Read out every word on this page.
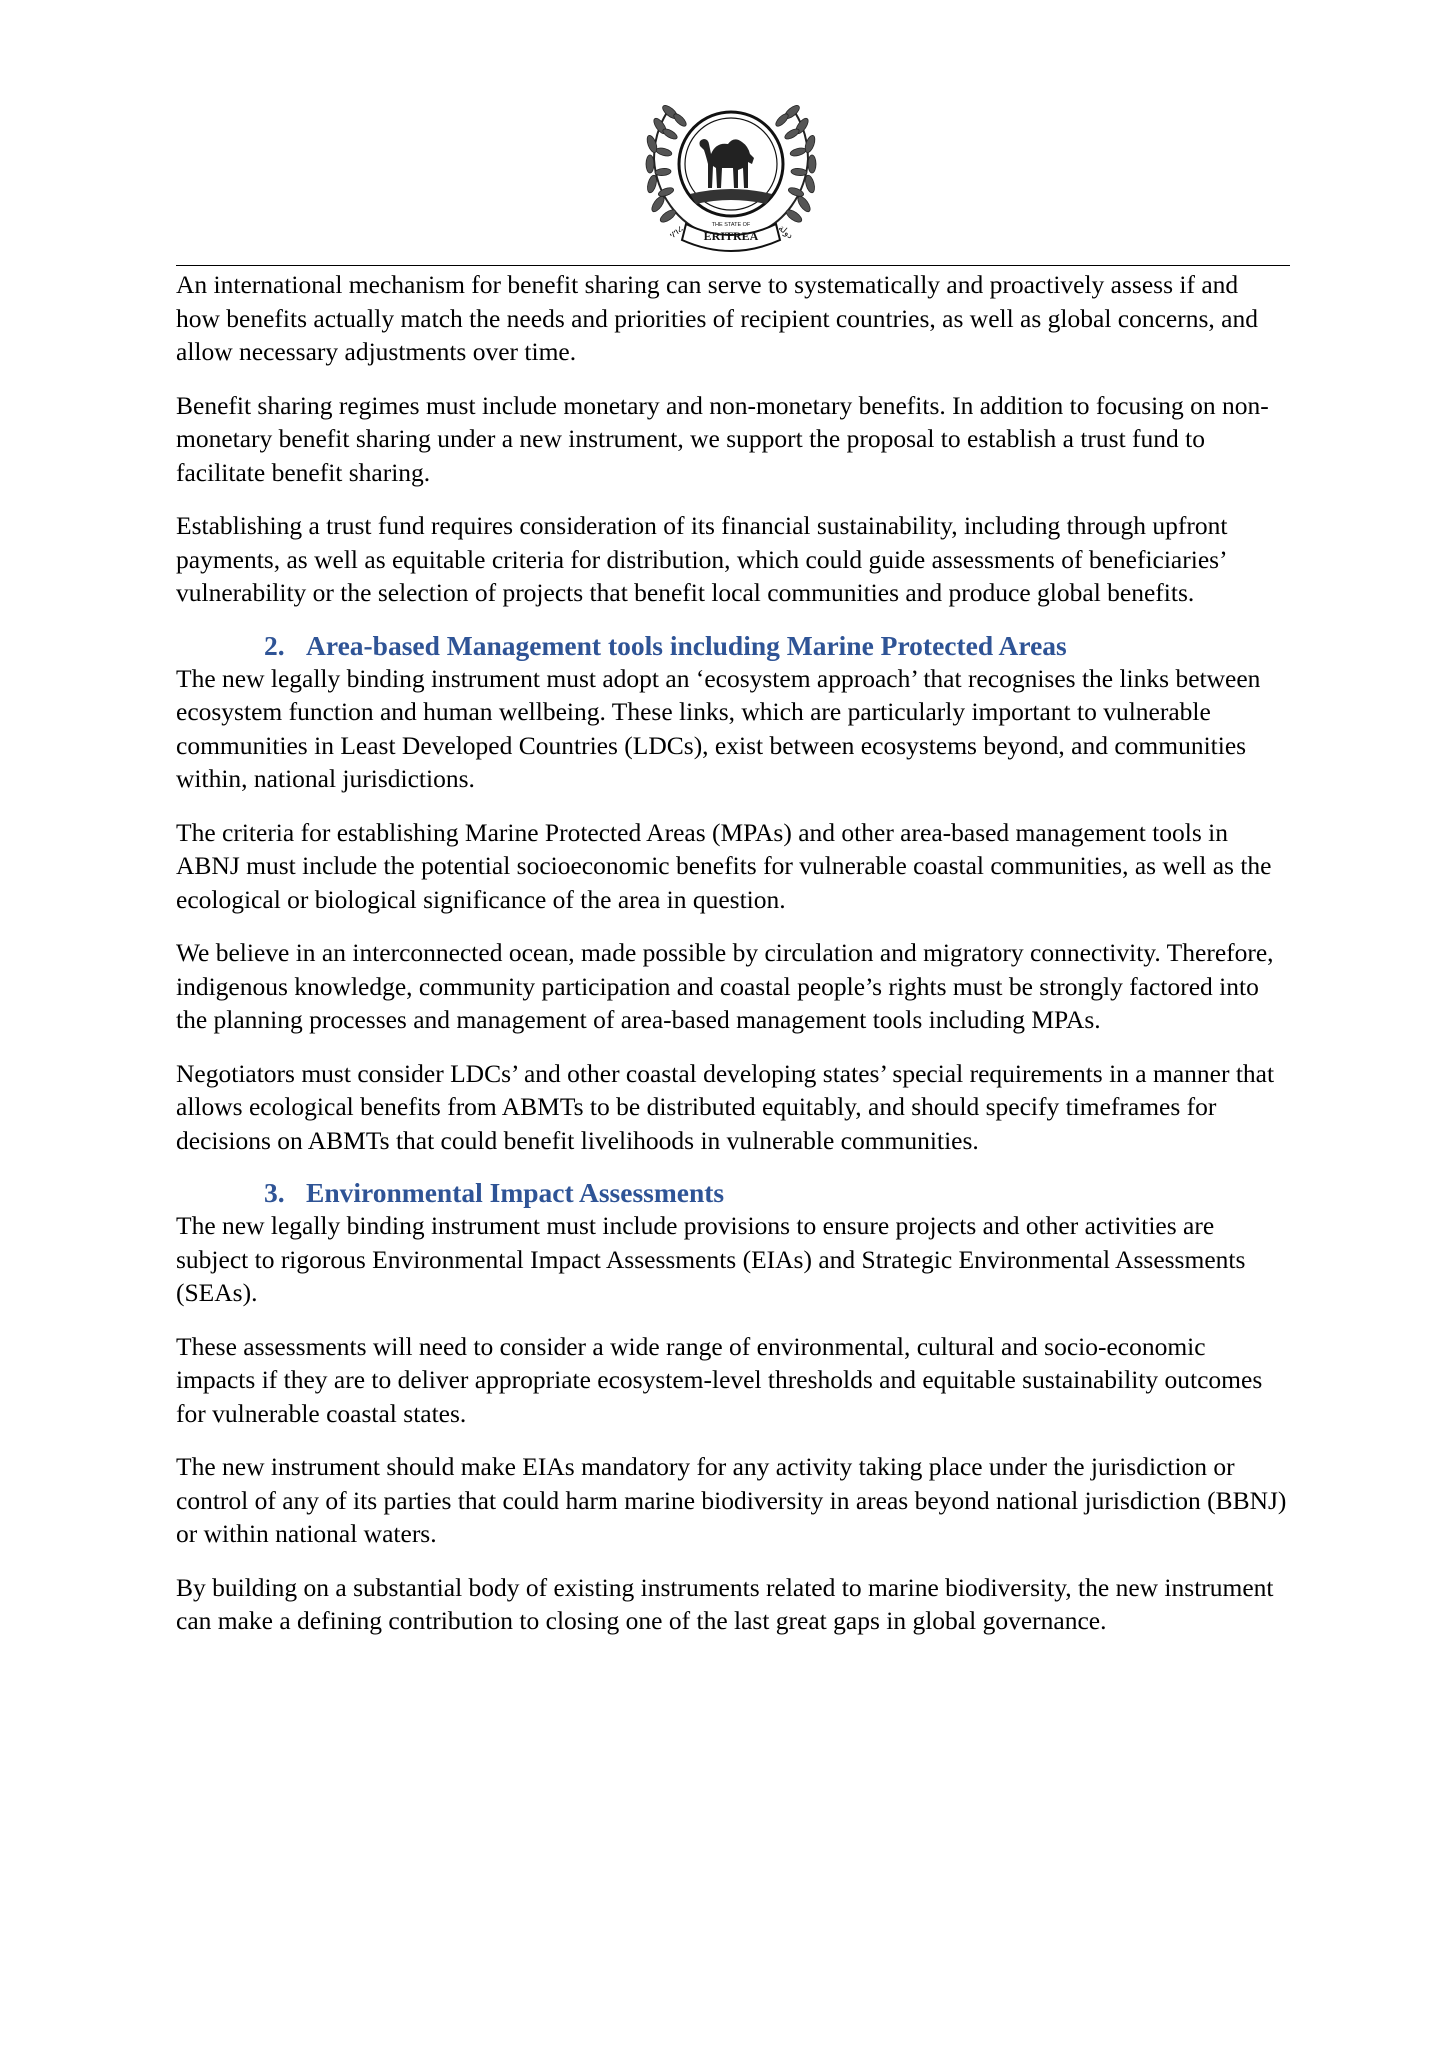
ERITREA
THE STATE OF
ሃገረ	دولة

An international mechanism for benefit sharing can serve to systematically and proactively assess if and how benefits actually match the needs and priorities of recipient countries, as well as global concerns, and allow necessary adjustments over time.

Benefit sharing regimes must include monetary and non-monetary benefits. In addition to focusing on non-monetary benefit sharing under a new instrument, we support the proposal to establish a trust fund to facilitate benefit sharing.

Establishing a trust fund requires consideration of its financial sustainability, including through upfront payments, as well as equitable criteria for distribution, which could guide assessments of beneficiaries’ vulnerability or the selection of projects that benefit local communities and produce global benefits.

2. Area-based Management tools including Marine Protected Areas

The new legally binding instrument must adopt an ‘ecosystem approach’ that recognises the links between ecosystem function and human wellbeing. These links, which are particularly important to vulnerable communities in Least Developed Countries (LDCs), exist between ecosystems beyond, and communities within, national jurisdictions.

The criteria for establishing Marine Protected Areas (MPAs) and other area-based management tools in ABNJ must include the potential socioeconomic benefits for vulnerable coastal communities, as well as the ecological or biological significance of the area in question.

We believe in an interconnected ocean, made possible by circulation and migratory connectivity. Therefore, indigenous knowledge, community participation and coastal people’s rights must be strongly factored into the planning processes and management of area-based management tools including MPAs.

Negotiators must consider LDCs’ and other coastal developing states’ special requirements in a manner that allows ecological benefits from ABMTs to be distributed equitably, and should specify timeframes for decisions on ABMTs that could benefit livelihoods in vulnerable communities.

3. Environmental Impact Assessments

The new legally binding instrument must include provisions to ensure projects and other activities are subject to rigorous Environmental Impact Assessments (EIAs) and Strategic Environmental Assessments (SEAs).

These assessments will need to consider a wide range of environmental, cultural and socio-economic impacts if they are to deliver appropriate ecosystem-level thresholds and equitable sustainability outcomes for vulnerable coastal states.

The new instrument should make EIAs mandatory for any activity taking place under the jurisdiction or control of any of its parties that could harm marine biodiversity in areas beyond national jurisdiction (BBNJ) or within national waters.

By building on a substantial body of existing instruments related to marine biodiversity, the new instrument can make a defining contribution to closing one of the last great gaps in global governance.
